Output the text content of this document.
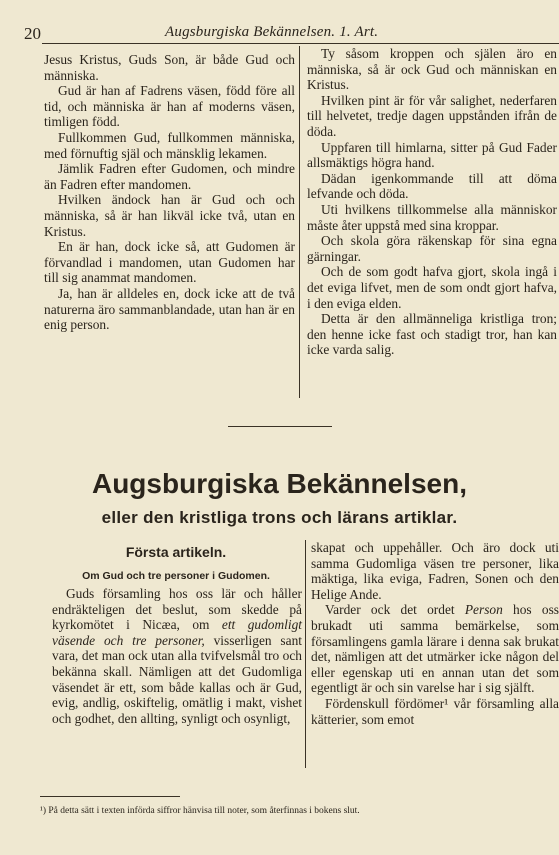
20	Augsburgiska Bekännelsen. 1. Art.

Jesus Kristus, Guds Son, är både Gud och människa.

Gud är han af Fadrens väsen, född före all tid, och människa är han af moderns väsen, timligen född.

Fullkommen Gud, fullkommen människa, med förnuftig själ och mänsklig lekamen.

Jämlik Fadren efter Gudomen, och mindre än Fadren efter mandomen.

Hvilken ändock han är Gud och och människa, så är han likväl icke två, utan en Kristus.

En är han, dock icke så, att Gudomen är förvandlad i mandomen, utan Gudomen har till sig anammat mandomen.

Ja, han är alldeles en, dock icke att de två naturerna äro sammanblandade, utan han är en enig person.

Ty såsom kroppen och själen äro en människa, så är ock Gud och människan en Kristus.

Hvilken pint är för vår salighet, nederfaren till helvetet, tredje dagen uppstånden ifrån de döda.

Uppfaren till himlarna, sitter på Gud Fader allsmäktigs högra hand.

Dädan igenkommande till att döma lefvande och döda.

Uti hvilkens tillkommelse alla människor måste åter uppstå med sina kroppar.

Och skola göra räkenskap för sina egna gärningar.

Och de som godt hafva gjort, skola ingå i det eviga lifvet, men de som ondt gjort hafva, i den eviga elden.

Detta är den allmänneliga kristliga tron; den henne icke fast och stadigt tror, han kan icke varda salig.

Augsburgiska Bekännelsen,
eller den kristliga trons och lärans artiklar.
Första artikeln.
Om Gud och tre personer i Gudomen.

Guds församling hos oss lär och håller endräkteligen det beslut, som skedde på kyrkomötet i Nicæa, om ett gudomligt väsende och tre personer, visserligen sant vara, det man ock utan alla tvifvelsmål tro och bekänna skall. Nämligen att det Gudomliga väsendet är ett, som både kallas och är Gud, evig, andlig, oskiftelig, omätlig i makt, vishet och godhet, den allting, synligt och osynligt,

skapat och uppehåller. Och äro dock uti samma Gudomliga väsen tre personer, lika mäktiga, lika eviga, Fadren, Sonen och den Helige Ande.

Varder ock det ordet Person hos oss brukadt uti samma bemärkelse, som församlingens gamla lärare i denna sak brukat det, nämligen att det utmärker icke någon del eller egenskap uti en annan utan det som egentligt är och sin varelse har i sig själft.

Fördenskull fördömer¹ vår församling alla kätterier, som emot

¹) På detta sätt i texten införda siffror hänvisa till noter, som återfinnas i bokens slut.
